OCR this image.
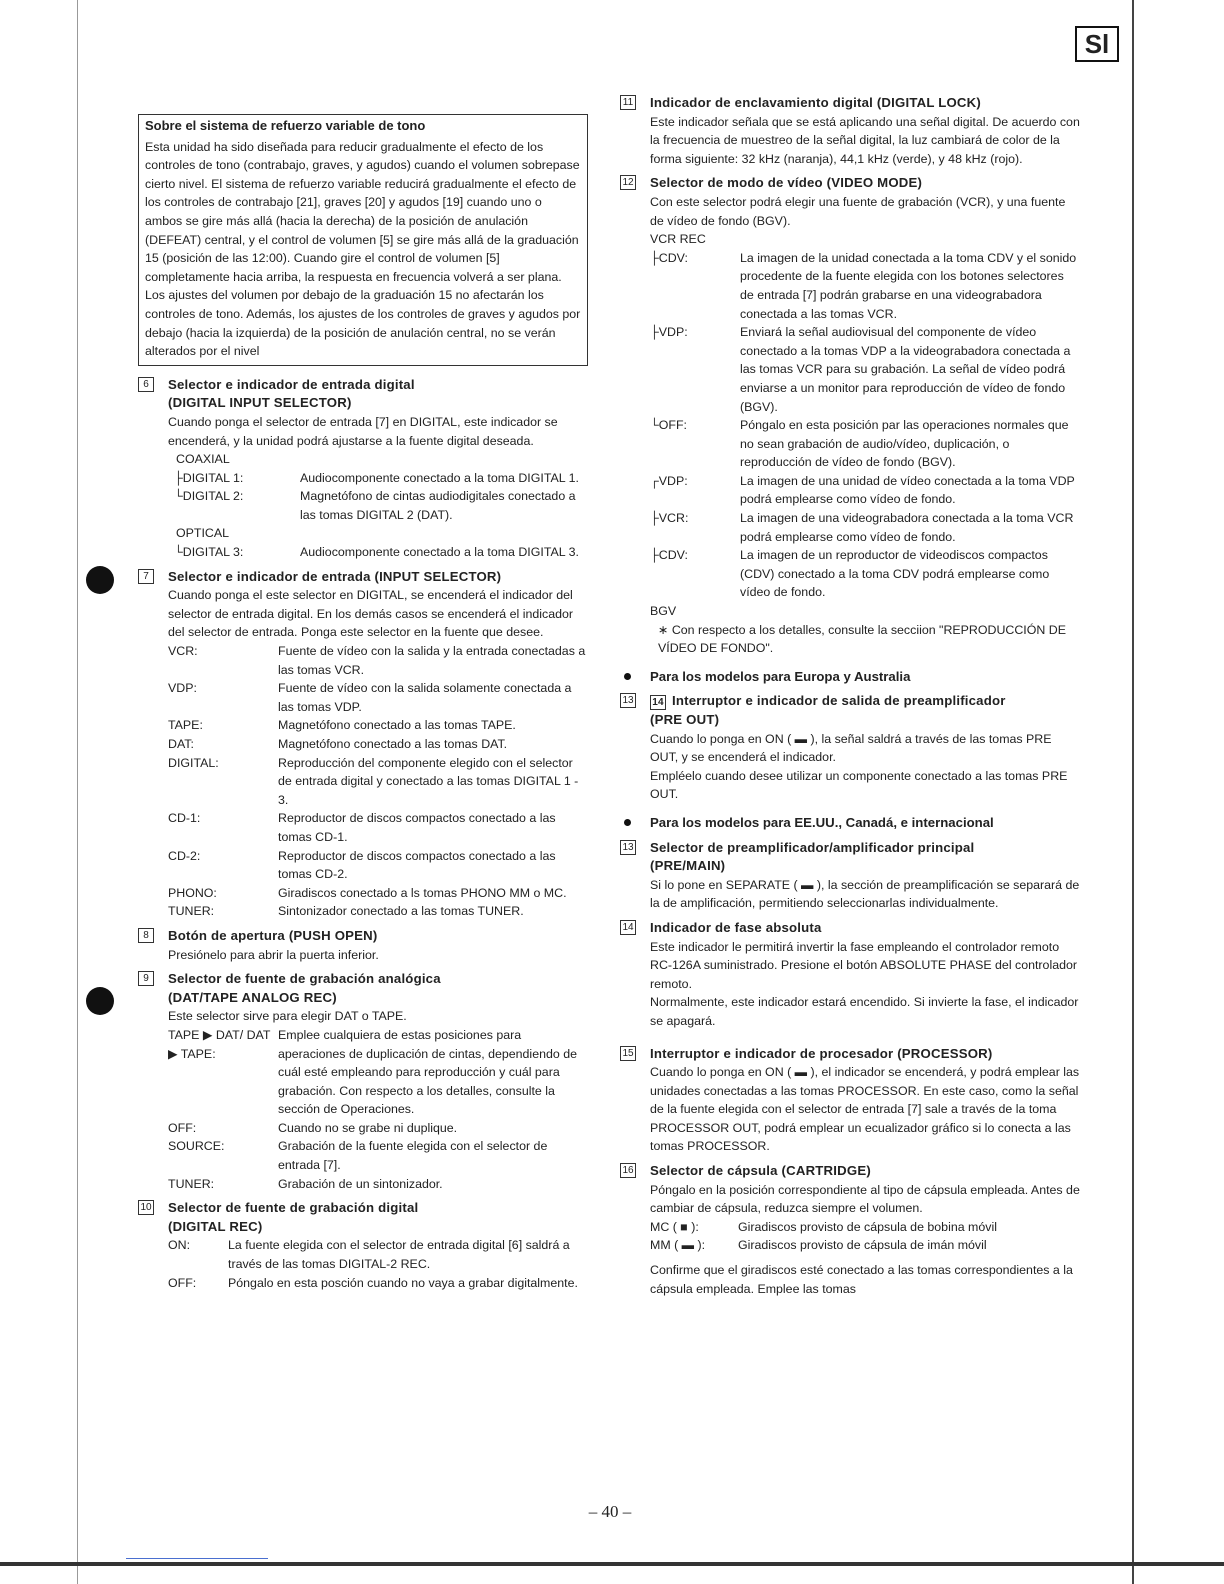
Sl
Sobre el sistema de refuerzo variable de tono

Esta unidad ha sido diseñada para reducir gradualmente el efecto de los controles de tono (contrabajo, graves, y agudos) cuando el volumen sobrepase cierto nivel. El sistema de refuerzo variable reducirá gradualmente el efecto de los controles de contrabajo [21], graves [20] y agudos [19] cuando uno o ambos se gire más allá (hacia la derecha) de la posición de anulación (DEFEAT) central, y el control de volumen [5] se gire más allá de la graduación 15 (posición de las 12:00). Cuando gire el control de volumen [5] completamente hacia arriba, la respuesta en frecuencia volverá a ser plana. Los ajustes del volumen por debajo de la graduación 15 no afectarán los controles de tono. Además, los ajustes de los controles de graves y agudos por debajo (hacia la izquierda) de la posición de anulación central, no se verán alterados por el nivel

6	Selector e indicador de entrada digital
(DIGITAL INPUT SELECTOR)

Cuando ponga el selector de entrada [7] en DIGITAL, este indicador se encenderá, y la unidad podrá ajustarse a la fuente digital deseada.

COAXIAL
├DIGITAL 1:	Audiocomponente conectado a la toma DIGITAL 1.
└DIGITAL 2:	Magnetófono de cintas audiodigitales conectado a las tomas DIGITAL 2 (DAT).
OPTICAL
└DIGITAL 3:	Audiocomponente conectado a la toma DIGITAL 3.
7	Selector e indicador de entrada (INPUT SELECTOR)

Cuando ponga el este selector en DIGITAL, se encenderá el indicador del selector de entrada digital. En los demás casos se encenderá el indicador del selector de entrada. Ponga este selector en la fuente que desee.

VCR:	Fuente de vídeo con la salida y la entrada conectadas a las tomas VCR.
VDP:	Fuente de vídeo con la salida solamente conectada a las tomas VDP.
TAPE:	Magnetófono conectado a las tomas TAPE.
DAT:	Magnetófono conectado a las tomas DAT.
DIGITAL:	Reproducción del componente elegido con el selector de entrada digital y conectado a las tomas DIGITAL 1 - 3.
CD-1:	Reproductor de discos compactos conectado a las tomas CD-1.
CD-2:	Reproductor de discos compactos conectado a las tomas CD-2.
PHONO:	Giradiscos conectado a ls tomas PHONO MM o MC.
TUNER:	Sintonizador conectado a las tomas TUNER.
8	Botón de apertura (PUSH OPEN)

Presiónelo para abrir la puerta inferior.

9	Selector de fuente de grabación analógica
(DAT/TAPE ANALOG REC)

Este selector sirve para elegir DAT o TAPE.

TAPE ▶ DAT/ DAT ▶ TAPE:
Emplee cualquiera de estas posiciones para aperaciones de duplicación de cintas, dependiendo de cuál esté empleando para reproducción y cuál para grabación. Con respecto a los detalles, consulte la sección de Operaciones.
OFF:	Cuando no se grabe ni duplique.
SOURCE:	Grabación de la fuente elegida con el selector de entrada [7].
TUNER:	Grabación de un sintonizador.
10 Selector de fuente de grabación digital
(DIGITAL REC)
ON:	La fuente elegida con el selector de entrada digital [6] saldrá a través de las tomas DIGITAL-2 REC.
OFF:	Póngalo en esta posción cuando no vaya a grabar digitalmente.
11 Indicador de enclavamiento digital (DIGITAL LOCK)

Este indicador señala que se está aplicando una señal digital. De acuerdo con la frecuencia de muestreo de la señal digital, la luz cambiará de color de la forma siguiente: 32 kHz (naranja), 44,1 kHz (verde), y 48 kHz (rojo).

12 Selector de modo de vídeo (VIDEO MODE)

Con este selector podrá elegir una fuente de grabación (VCR), y una fuente de vídeo de fondo (BGV).

VCR REC
├CDV:	La imagen de la unidad conectada a la toma CDV y el sonido procedente de la fuente elegida con los botones selectores de entrada [7] podrán grabarse en una videograbadora conectada a las tomas VCR.
├VDP:	Enviará la señal audiovisual del componente de vídeo conectado a la tomas VDP a la videograbadora conectada a las tomas VCR para su grabación. La señal de vídeo podrá enviarse a un monitor para reproducción de vídeo de fondo (BGV).
└OFF:	Póngalo en esta posición par las operaciones normales que no sean grabación de audio/vídeo, duplicación, o reproducción de vídeo de fondo (BGV).
┌VDP:	La imagen de una unidad de vídeo conectada a la toma VDP podrá emplearse como vídeo de fondo.
├VCR:	La imagen de una videograbadora conectada a la toma VCR podrá emplearse como vídeo de fondo.
├CDV:	La imagen de un reproductor de videodiscos compactos (CDV) conectado a la toma CDV podrá emplearse como vídeo de fondo.
BGV
∗ Con respecto a los detalles, consulte la secciion "REPRODUCCIÓN DE VÍDEO DE FONDO".
Para los modelos para Europa y Australia
13 14 Interruptor e indicador de salida de preamplificador
(PRE OUT)

Cuando lo ponga en ON ( ▬ ), la señal saldrá a través de las tomas PRE OUT, y se encenderá el indicador.

Empléelo cuando desee utilizar un componente conectado a las tomas PRE OUT.

Para los modelos para EE.UU., Canadá, e internacional
13 Selector de preamplificador/amplificador principal
(PRE/MAIN)

Si lo pone en SEPARATE ( ▬ ), la sección de preamplificación se separará de la de amplificación, permitiendo seleccionarlas individualmente.

14 Indicador de fase absoluta

Este indicador le permitirá invertir la fase empleando el controlador remoto RC-126A suministrado. Presione el botón ABSOLUTE PHASE del controlador remoto.

Normalmente, este indicador estará encendido. Si invierte la fase, el indicador se apagará.

15 Interruptor e indicador de procesador (PROCESSOR)

Cuando lo ponga en ON ( ▬ ), el indicador se encenderá, y podrá emplear las unidades conectadas a las tomas PROCESSOR. En este caso, como la señal de la fuente elegida con el selector de entrada [7] sale a través de la toma PROCESSOR OUT, podrá emplear un ecualizador gráfico si lo conecta a las tomas PROCESSOR.

16 Selector de cápsula (CARTRIDGE)

Póngalo en la posición correspondiente al tipo de cápsula empleada. Antes de cambiar de cápsula, reduzca siempre el volumen.

MC ( ■ ):	Giradiscos provisto de cápsula de bobina móvil
MM ( ▬ ):	Giradiscos provisto de cápsula de imán móvil

Confirme que el giradiscos esté conectado a las tomas correspondientes a la cápsula empleada. Emplee las tomas

– 40 –
